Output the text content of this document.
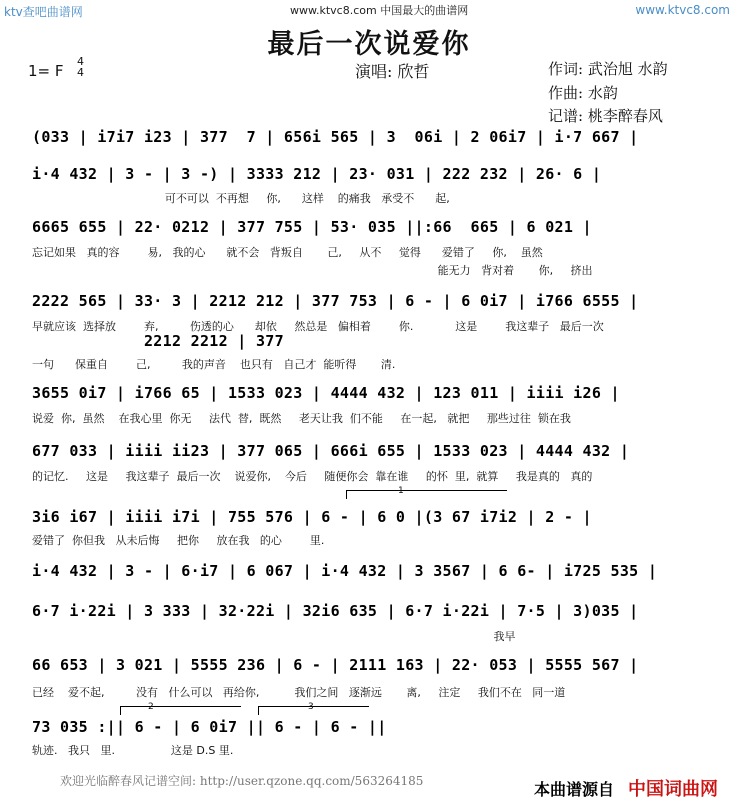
ktv查吧曲谱网	www.ktvc8.com 中国最大的曲谱网	www.ktvc8.com
最后一次说爱你
1= F
4
4	演唱: 欣哲	作词: 武治旭 水韵
作曲: 水韵
记谱: 桃李醉春风
(033 | i7i7 i23 | 377  7 | 656i 565 | 3  06i | 2 06i7 | i·7 667 |
i·4 432 | 3 - | 3 -) | 3333 212 | 23· 031 | 222 232 | 26· 6 |
可不可以  不再想     你,      这样    的痛我   承受不      起,
6665 655 | 22· 0212 | 377 755 | 53· 035 ||:66  665 | 6 021 |
忘记如果   真的容        易,   我的心      就不会   背叛自       己,     从不     觉得      爱错了     你,    虽然
能无力   背对着       你,     挤出
2222 565 | 33· 3 | 2212 212 | 377 753 | 6 - | 6 0i7 | i766 6555 |
早就应该  选择放        弃,         伤透的心      却依     然总是   偏相着        你.            这是        我这辈子   最后一次
2212 2212 | 377
一句      保重自        己,         我的声音    也只有   自己才  能听得       清.
3655 0i7 | i766 65 | 1533 023 | 4444 432 | 123 011 | iiii i26 |
说爱  你,  虽然    在我心里  你无     法代  替,  既然     老天让我  们不能     在一起,   就把     那些过往  锁在我
677 033 | iiii ii23 | 377 065 | 666i 655 | 1533 023 | 4444 432 |
的记忆.     这是     我这辈子  最后一次    说爱你,    今后     随便你会  靠在谁     的怀  里,  就算     我是真的   真的
1
3i6 i67 | iiii i7i | 755 576 | 6 - | 6 0 |(3 67 i7i2 | 2 - |
爱错了  你但我   从未后悔     把你     放在我   的心        里.
i·4 432 | 3 - | 6·i7 | 6 067 | i·4 432 | 3 3567 | 6 6- | i725 535 |
6·7 i·22i | 3 333 | 32·22i | 32i6 635 | 6·7 i·22i | 7·5 | 3)035 |
我早
66 653 | 3 021 | 5555 236 | 6 - | 2111 163 | 22· 053 | 5555 567 |
已经    爱不起,         没有   什么可以   再给你,          我们之间   逐渐远       离,     注定     我们不在   同一道
2	3
73 035 :|| 6 - | 6 0i7 || 6 - | 6 - ||
轨迹.   我只   里.                这是 D.S 里.
欢迎光临醉春风记谱空间: http://user.qzone.qq.com/563264185	本曲谱源自 中国词曲网
